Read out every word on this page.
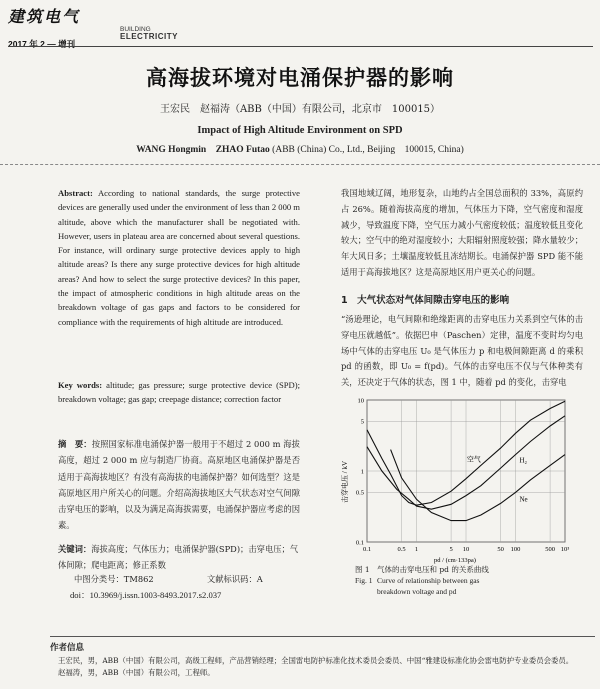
建筑电气
BUILDING
ELECTRICITY
2017 年 2 — 增刊
高海拔环境对电涌保护器的影响
王宏民　赵福涛（ABB（中国）有限公司，北京市　100015）
Impact of High Altitude Environment on SPD
WANG Hongmin　ZHAO Futao (ABB (China) Co., Ltd., Beijing　100015, China)
Abstract: According to national standards, the surge protective devices are generally used under the environment of less than 2 000 m altitude, above which the manufacturer shall be negotiated with. However, users in plateau area are concerned about several questions. For instance, will ordinary surge protective devices apply to high altitude areas? Is there any surge protective devices for high altitude areas? And how to select the surge protective devices? In this paper, the impact of atmospheric conditions in high altitude areas on the breakdown voltage of gas gaps and factors to be considered for compliance with the requirements of high altitude are introduced.
Key words: altitude; gas pressure; surge protective device (SPD); breakdown voltage; gas gap; creepage distance; correction factor
摘　要：按照国家标准电涌保护器一般用于不超过 2 000 m 海拔高度，超过 2 000 m 应与制造厂协商。高原地区电涌保护器是否适用于高海拔地区？有没有高海拔的电涌保护器？如何选型？这是高原地区用户所关心的问题。介绍高海拔地区大气状态对空气间隙击穿电压的影响，以及为满足高海拔需要，电涌保护器应考虑的因素。
关键词：海拔高度；气体压力；电涌保护器(SPD)；击穿电压；气体间隙；爬电距离；修正系数
中图分类号：TM862	文献标识码：A
doi：10.3969/j.issn.1003-8493.2017.s2.037
我国地域辽阔，地形复杂，山地约占全国总面积的 33%，高原约占 26%。随着海拔高度的增加，气体压力下降，空气密度和湿度减少，导致温度下降，空气压力减小气密度较低；温度较低且变化较大；空气中的绝对湿度较小；大阳辐射照度较强；降水量较少；年大风日多；土壤温度较低且冻结期长。电涌保护器 SPD 能不能适用于高海拔地区？这是高原地区用户更关心的问题。
1　大气状态对气体间隙击穿电压的影响
“汤逊理论，电气间隙和绝缘距离的击穿电压力关系到空气体的击穿电压就越低”。依据巴申（Paschen）定律，温度不变时均匀电场中气体的击穿电压 U₀ 是气体压力 p 和电极间隙距离 d 的乘积 pd 的函数，即 U₀ = f(pd)。气体的击穿电压不仅与气体种类有关，还决定于气体的状态，图 1 中，随着 pd 的变化，击穿电
空气	H₂
Ne
0.1	0.5 1	5 10	50 100	500 10³
0.1
0.5
1
5
10
击穿电压 / kV
pd / (cm·133pa)
图 1 气体的击穿电压和 pd 的关系曲线
Fig. 1 Curve of relationship between gas
breakdown voltage and pd
作者信息

王宏民，男，ABB（中国）有限公司，高级工程师，产品营销经理；全国雷电防护标准化技术委员会委员、中国“雅建设标准化协会雷电防护专业委员会委员。

赵福涛，男，ABB（中国）有限公司，工程师。
